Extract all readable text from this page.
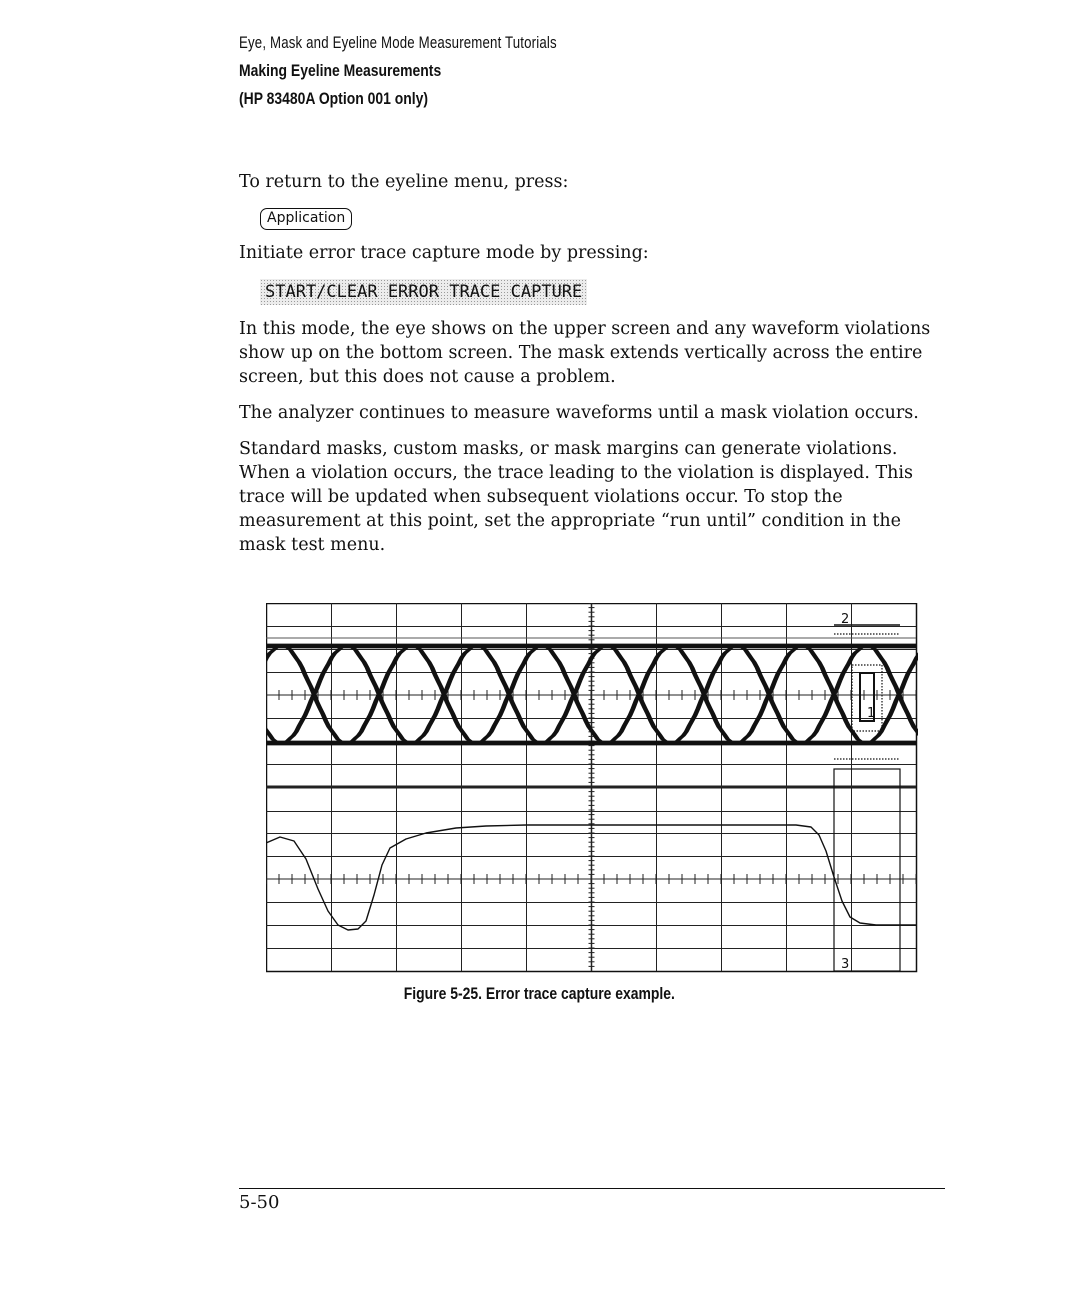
Eye, Mask and Eyeline Mode Measurement Tutorials
Making Eyeline Measurements
(HP 83480A Option 001 only)
To return to the eyeline menu, press:
Application
Initiate error trace capture mode by pressing:
START/CLEAR ERROR TRACE CAPTURE
In this mode, the eye shows on the upper screen and any waveform violations show up on the bottom screen. The mask extends vertically across the entire screen, but this does not cause a problem.
The analyzer continues to measure waveforms until a mask violation occurs.
Standard masks, custom masks, or mask margins can generate violations. When a violation occurs, the trace leading to the violation is displayed. This trace will be updated when subsequent violations occur. To stop the measurement at this point, set the appropriate “run until” condition in the mask test menu.
2
1
3
Figure 5-25. Error trace capture example.
5-50
